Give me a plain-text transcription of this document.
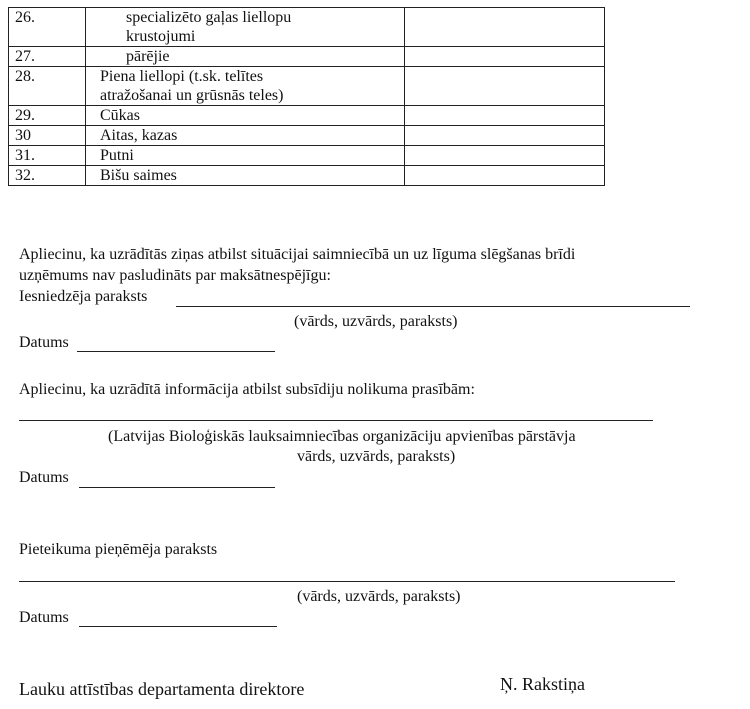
26.	specializēto gaļas liellopu
krustojumi	

27.	pārējie	

28.	Piena liellopi (t.sk. telītes
atražošanai un grūsnās teles)	

29.	Cūkas	

30	Aitas, kazas	

31.	Putni	

32.	Bišu saimes	

Apliecinu, ka uzrādītās ziņas atbilst situācijai saimniecībā un uz līguma slēgšanas brīdi
uzņēmums nav pasludināts par maksātnespējīgu:
Iesniedzēja paraksts
(vārds, uzvārds, paraksts)
Datums
Apliecinu, ka uzrādītā informācija atbilst subsīdiju nolikuma prasībām:
(Latvijas Bioloģiskās lauksaimniecības organizāciju apvienības pārstāvja
vārds, uzvārds, paraksts)
Datums
Pieteikuma pieņēmēja paraksts
(vārds, uzvārds, paraksts)
Datums
Lauku attīstības departamenta direktore	Ņ. Rakstiņa
